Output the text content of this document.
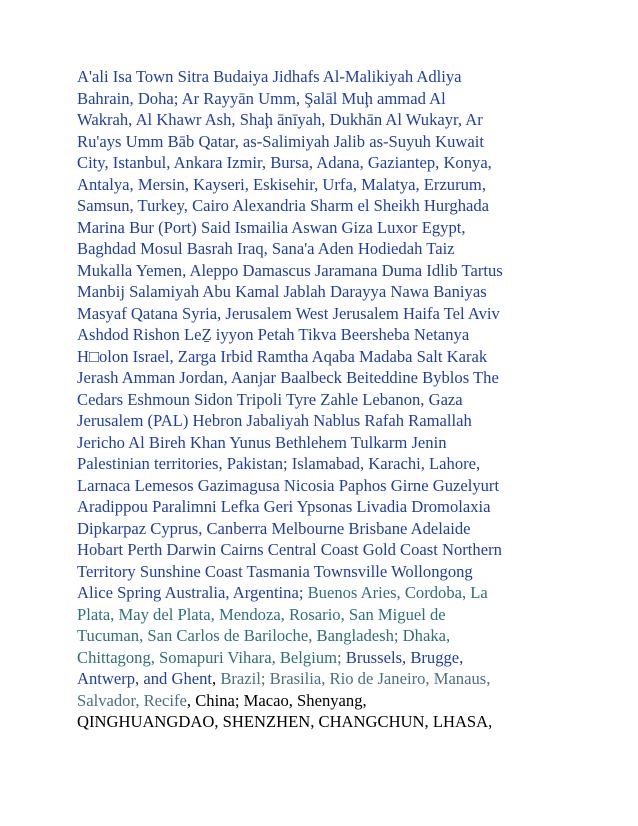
A'ali Isa Town Sitra Budaiya Jidhafs Al-Malikiyah Adliya
Bahrain, Doha; Ar Rayyān Umm, Şalāl Muḩ ammad Al
Wakrah, Al Khawr Ash, Shaḩ ānīyah, Dukhān Al Wukayr, Ar
Ru'ays Umm Bāb Qatar, as-Salimiyah Jalib as-Suyuh Kuwait
City, Istanbul, Ankara Izmir, Bursa, Adana, Gaziantep, Konya,
Antalya, Mersin, Kayseri, Eskisehir, Urfa, Malatya, Erzurum,
Samsun, Turkey, Cairo Alexandria Sharm el Sheikh Hurghada
Marina Bur (Port) Said Ismailia Aswan Giza Luxor Egypt,
Baghdad Mosul Basrah Iraq, Sana'a Aden Hodiedah Taiz
Mukalla Yemen, Aleppo Damascus Jaramana Duma Idlib Tartus
Manbij Salamiyah Abu Kamal Jablah Darayya Nawa Baniyas
Masyaf Qatana Syria, Jerusalem West Jerusalem Haifa Tel Aviv
Ashdod Rishon LeẔ iyyon Petah Tikva Beersheba Netanya
H□olon Israel, Zarga Irbid Ramtha Aqaba Madaba Salt Karak
Jerash Amman Jordan, Aanjar Baalbeck Beiteddine Byblos The
Cedars Eshmoun Sidon Tripoli Tyre Zahle Lebanon, Gaza
Jerusalem (PAL) Hebron Jabaliyah Nablus Rafah Ramallah
Jericho Al Bireh Khan Yunus Bethlehem Tulkarm Jenin
Palestinian territories, Pakistan; Islamabad, Karachi, Lahore,
Larnaca Lemesos Gazimagusa Nicosia Paphos Girne Guzelyurt
Aradippou Paralimni Lefka Geri Ypsonas Livadia Dromolaxia
Dipkarpaz Cyprus, Canberra Melbourne Brisbane Adelaide
Hobart Perth Darwin Cairns Central Coast Gold Coast Northern
Territory Sunshine Coast Tasmania Townsville Wollongong
Alice Spring Australia, Argentina; Buenos Aries, Cordoba, La
Plata, May del Plata, Mendoza, Rosario, San Miguel de
Tucuman, San Carlos de Bariloche, Bangladesh; Dhaka,
Chittagong, Somapuri Vihara, Belgium; Brussels, Brugge,
Antwerp, and Ghent, Brazil; Brasilia, Rio de Janeiro, Manaus,
Salvador, Recife, China; Macao, Shenyang,
QINGHUANGDAO, SHENZHEN, CHANGCHUN, LHASA,
